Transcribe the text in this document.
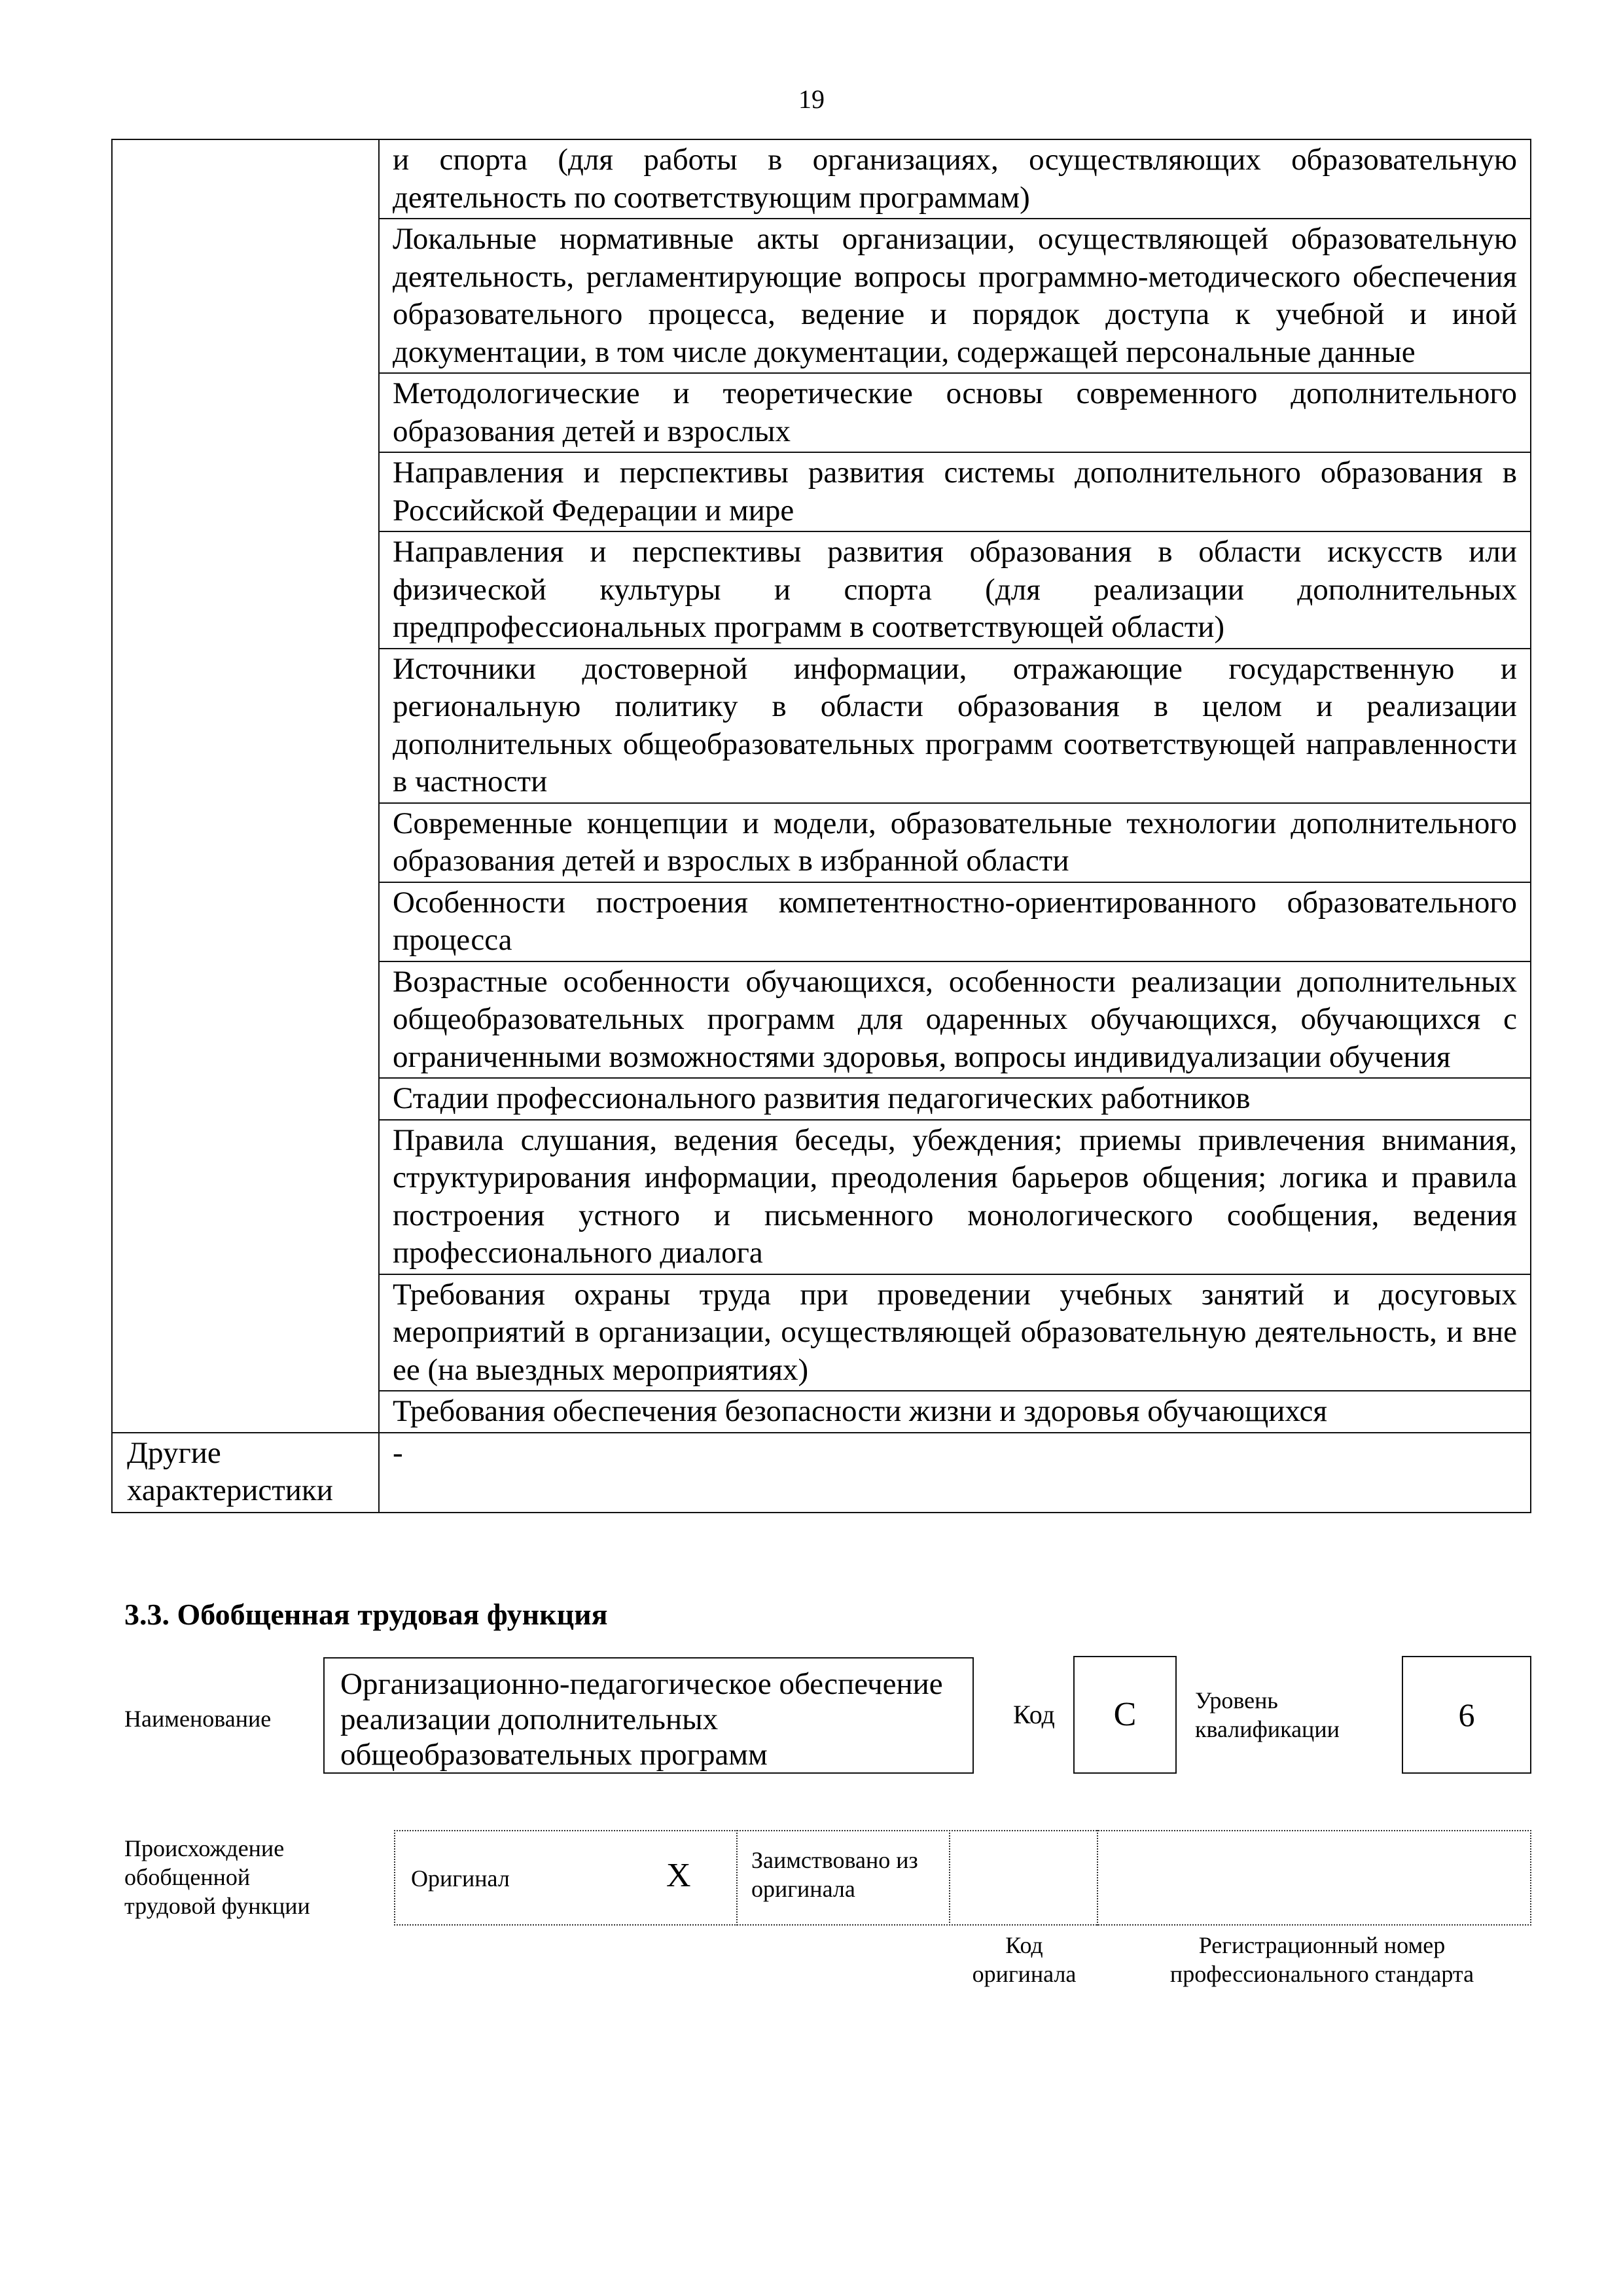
19
	и спорта (для работы в организациях, осуществляющих образовательную деятельность по соответствующим программам)
	Локальные нормативные акты организации, осуществляющей образовательную деятельность, регламентирующие вопросы программно-методического обеспечения образовательного процесса, ведение и порядок доступа к учебной и иной документации, в том числе документации, содержащей персональные данные
	Методологические и теоретические основы современного дополнительного образования детей и взрослых
	Направления и перспективы развития системы дополнительного образования в Российской Федерации и мире
	Направления и перспективы развития образования в области искусств или физической культуры и спорта (для реализации дополнительных предпрофессиональных программ в соответствующей области)
	Источники достоверной информации, отражающие государственную и региональную политику в области образования в целом и реализации дополнительных общеобразовательных программ соответствующей направленности в частности
	Современные концепции и модели, образовательные технологии дополнительного образования детей и взрослых в избранной области
	Особенности построения компетентностно-ориентированного образовательного процесса
	Возрастные особенности обучающихся, особенности реализации дополнительных общеобразовательных программ для одаренных обучающихся, обучающихся с ограниченными возможностями здоровья, вопросы индивидуализации обучения
	Стадии профессионального развития педагогических работников
	Правила слушания, ведения беседы, убеждения; приемы привлечения внимания, структурирования информации, преодоления барьеров общения; логика и правила построения устного и письменного монологического сообщения, ведения профессионального диалога
	Требования охраны труда при проведении учебных занятий и досуговых мероприятий в организации, осуществляющей образовательную деятельность, и вне ее (на выездных мероприятиях)
	Требования обеспечения безопасности жизни и здоровья обучающихся
Другие характеристики	-
3.3. Обобщенная трудовая функция
Наименование
Организационно-педагогическое обеспечение реализации дополнительных общеобразовательных программ
Код	С	Уровень квалификации	6
Происхождение обобщенной трудовой функции
Оригинал	Х	Заимствовано из оригинала
Код оригинала
Регистрационный номер профессионального стандарта
